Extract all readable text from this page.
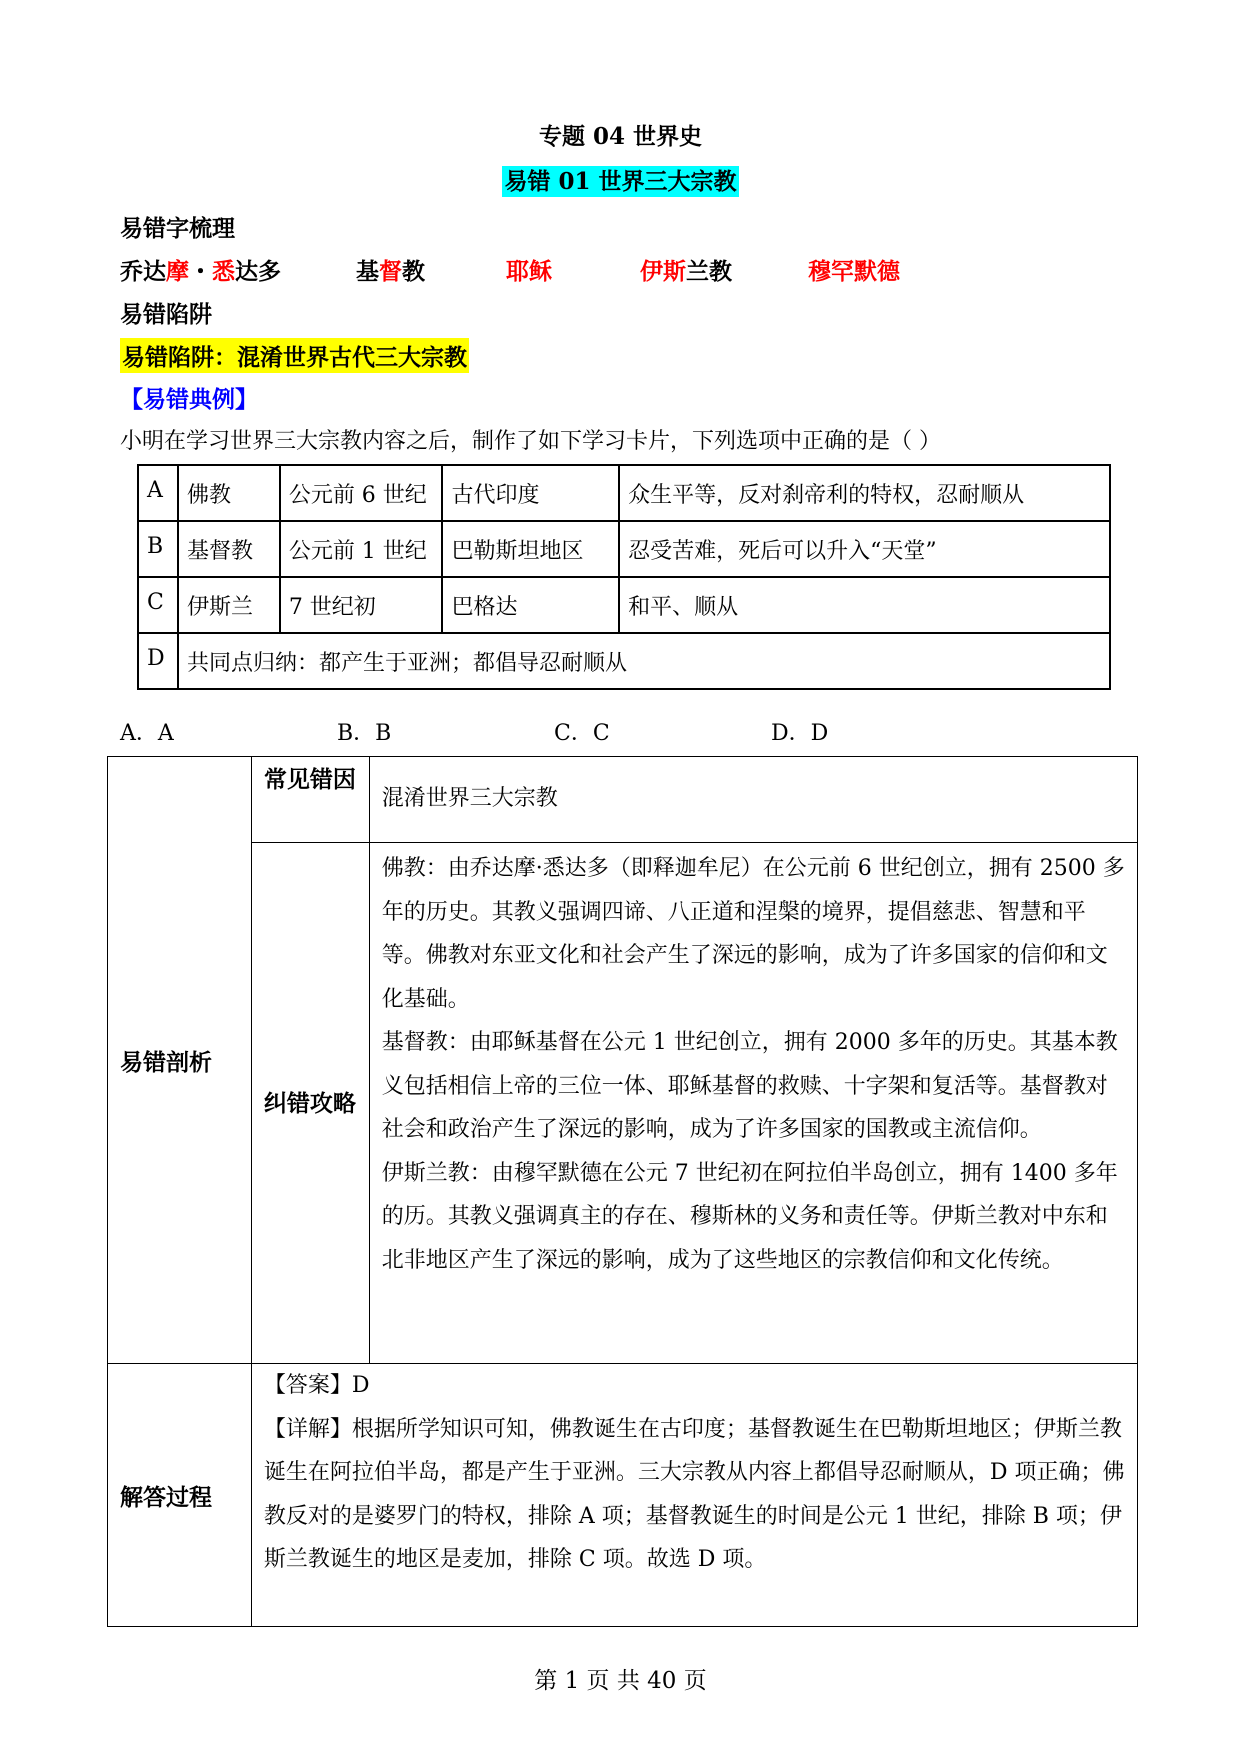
专题 04 世界史
易错 01 世界三大宗教
易错字梳理
乔达摩・悉达多	基督教	耶稣	伊斯兰教	穆罕默德
易错陷阱
易错陷阱：混淆世界古代三大宗教
【易错典例】
小明在学习世界三大宗教内容之后，制作了如下学习卡片，下列选项中正确的是（ ）
A	佛教	公元前 6 世纪	古代印度	众生平等，反对刹帝利的特权，忍耐顺从
B	基督教	公元前 1 世纪	巴勒斯坦地区	忍受苦难，死后可以升入“天堂”
C	伊斯兰	7 世纪初	巴格达	和平、顺从
D	共同点归纳：都产生于亚洲；都倡导忍耐顺从			
A．A	B．B	C．C	D．D
易错剖析	常见错因	混淆世界三大宗教
	纠错攻略	佛教：由乔达摩·悉达多（即释迦牟尼）在公元前 6 世纪创立，拥有 2500 多年的历史。其教义强调四谛、八正道和涅槃的境界，提倡慈悲、智慧和平等。佛教对东亚文化和社会产生了深远的影响，成为了许多国家的信仰和文化基础。

基督教：由耶稣基督在公元 1 世纪创立，拥有 2000 多年的历史。其基本教义包括相信上帝的三位一体、耶稣基督的救赎、十字架和复活等。基督教对社会和政治产生了深远的影响，成为了许多国家的国教或主流信仰。

伊斯兰教：由穆罕默德在公元 7 世纪初在阿拉伯半岛创立，拥有 1400 多年的历。其教义强调真主的存在、穆斯林的义务和责任等。伊斯兰教对中东和北非地区产生了深远的影响，成为了这些地区的宗教信仰和文化传统。

解答过程	【答案】D

【详解】根据所学知识可知，佛教诞生在古印度；基督教诞生在巴勒斯坦地区；伊斯兰教诞生在阿拉伯半岛，都是产生于亚洲。三大宗教从内容上都倡导忍耐顺从，D 项正确；佛教反对的是婆罗门的特权，排除 A 项；基督教诞生的时间是公元 1 世纪，排除 B 项；伊斯兰教诞生的地区是麦加，排除 C 项。故选 D 项。	

第 1 页 共 40 页
